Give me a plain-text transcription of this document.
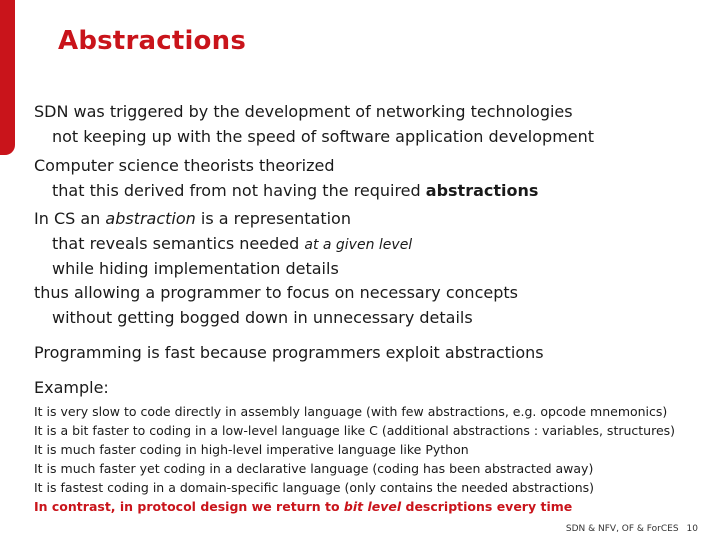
Abstractions
SDN was triggered by the development of networking technologies
not keeping up with the speed of software application development
Computer science theorists theorized
that this derived from not having the required abstractions
In CS an abstraction is a representation
that reveals semantics needed at a given level
while hiding implementation details
thus allowing a programmer to focus on necessary concepts
without getting bogged down in unnecessary details
Programming is fast because programmers exploit abstractions
Example:
It is very slow to code directly in assembly language (with few abstractions, e.g. opcode mnemonics)
It is a bit faster to coding in a low-level language like C (additional abstractions : variables, structures)
It is much faster coding in high-level imperative language like Python
It is much faster yet coding in a declarative language (coding has been abstracted away)
It is fastest coding in a domain-specific language (only contains the needed abstractions)
In contrast, in protocol design we return to bit level descriptions every time
SDN & NFV, OF & ForCES 10
